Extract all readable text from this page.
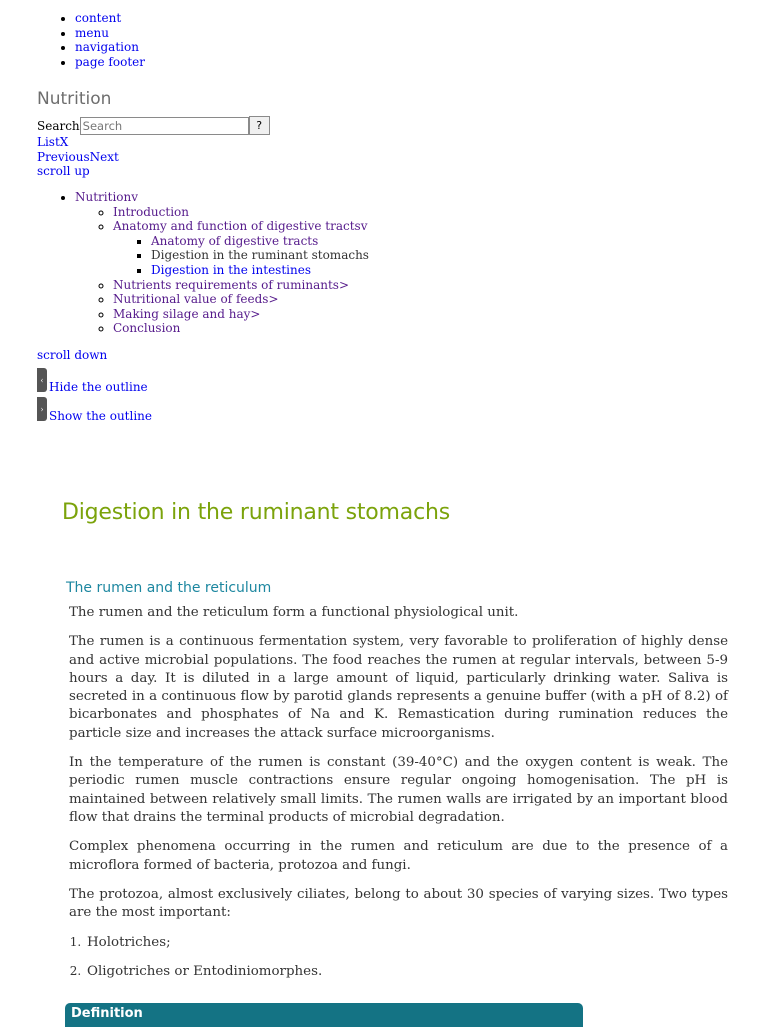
• content
• menu
• navigation
• page footer
Nutrition
Search
Search	?
ListX
PreviousNext
scroll up
• Nutritionv
◦ Introduction
◦ Anatomy and function of digestive tractsv
▪ Anatomy of digestive tracts
▪ Digestion in the ruminant stomachs
▪ Digestion in the intestines
◦ Nutrients requirements of ruminants>
◦ Nutritional value of feeds>
◦ Making silage and hay>
◦ Conclusion
scroll down
‹ Hide the outline
› Show the outline
Digestion in the ruminant stomachs
The rumen and the reticulum

The rumen and the reticulum form a functional physiological unit.

The rumen is a continuous fermentation system, very favorable to proliferation of highly dense and active microbial populations. The food reaches the rumen at regular intervals, between 5-9 hours a day. It is diluted in a large amount of liquid, particularly drinking water. Saliva is secreted in a continuous flow by parotid glands represents a genuine buffer (with a pH of 8.2) of bicarbonates and phosphates of Na and K. Remastication during rumination reduces the particle size and increases the attack surface microorganisms.

In the temperature of the rumen is constant (39-40°C) and the oxygen content is weak. The periodic rumen muscle contractions ensure regular ongoing homogenisation. The pH is maintained between relatively small limits. The rumen walls are irrigated by an important blood flow that drains the terminal products of microbial degradation.

Complex phenomena occurring in the rumen and reticulum are due to the presence of a microflora formed of bacteria, protozoa and fungi.

The protozoa, almost exclusively ciliates, belong to about 30 species of varying sizes. Two types are the most important:

1. Holotriches;
2. Oligotriches or Entodiniomorphes.
Definition
